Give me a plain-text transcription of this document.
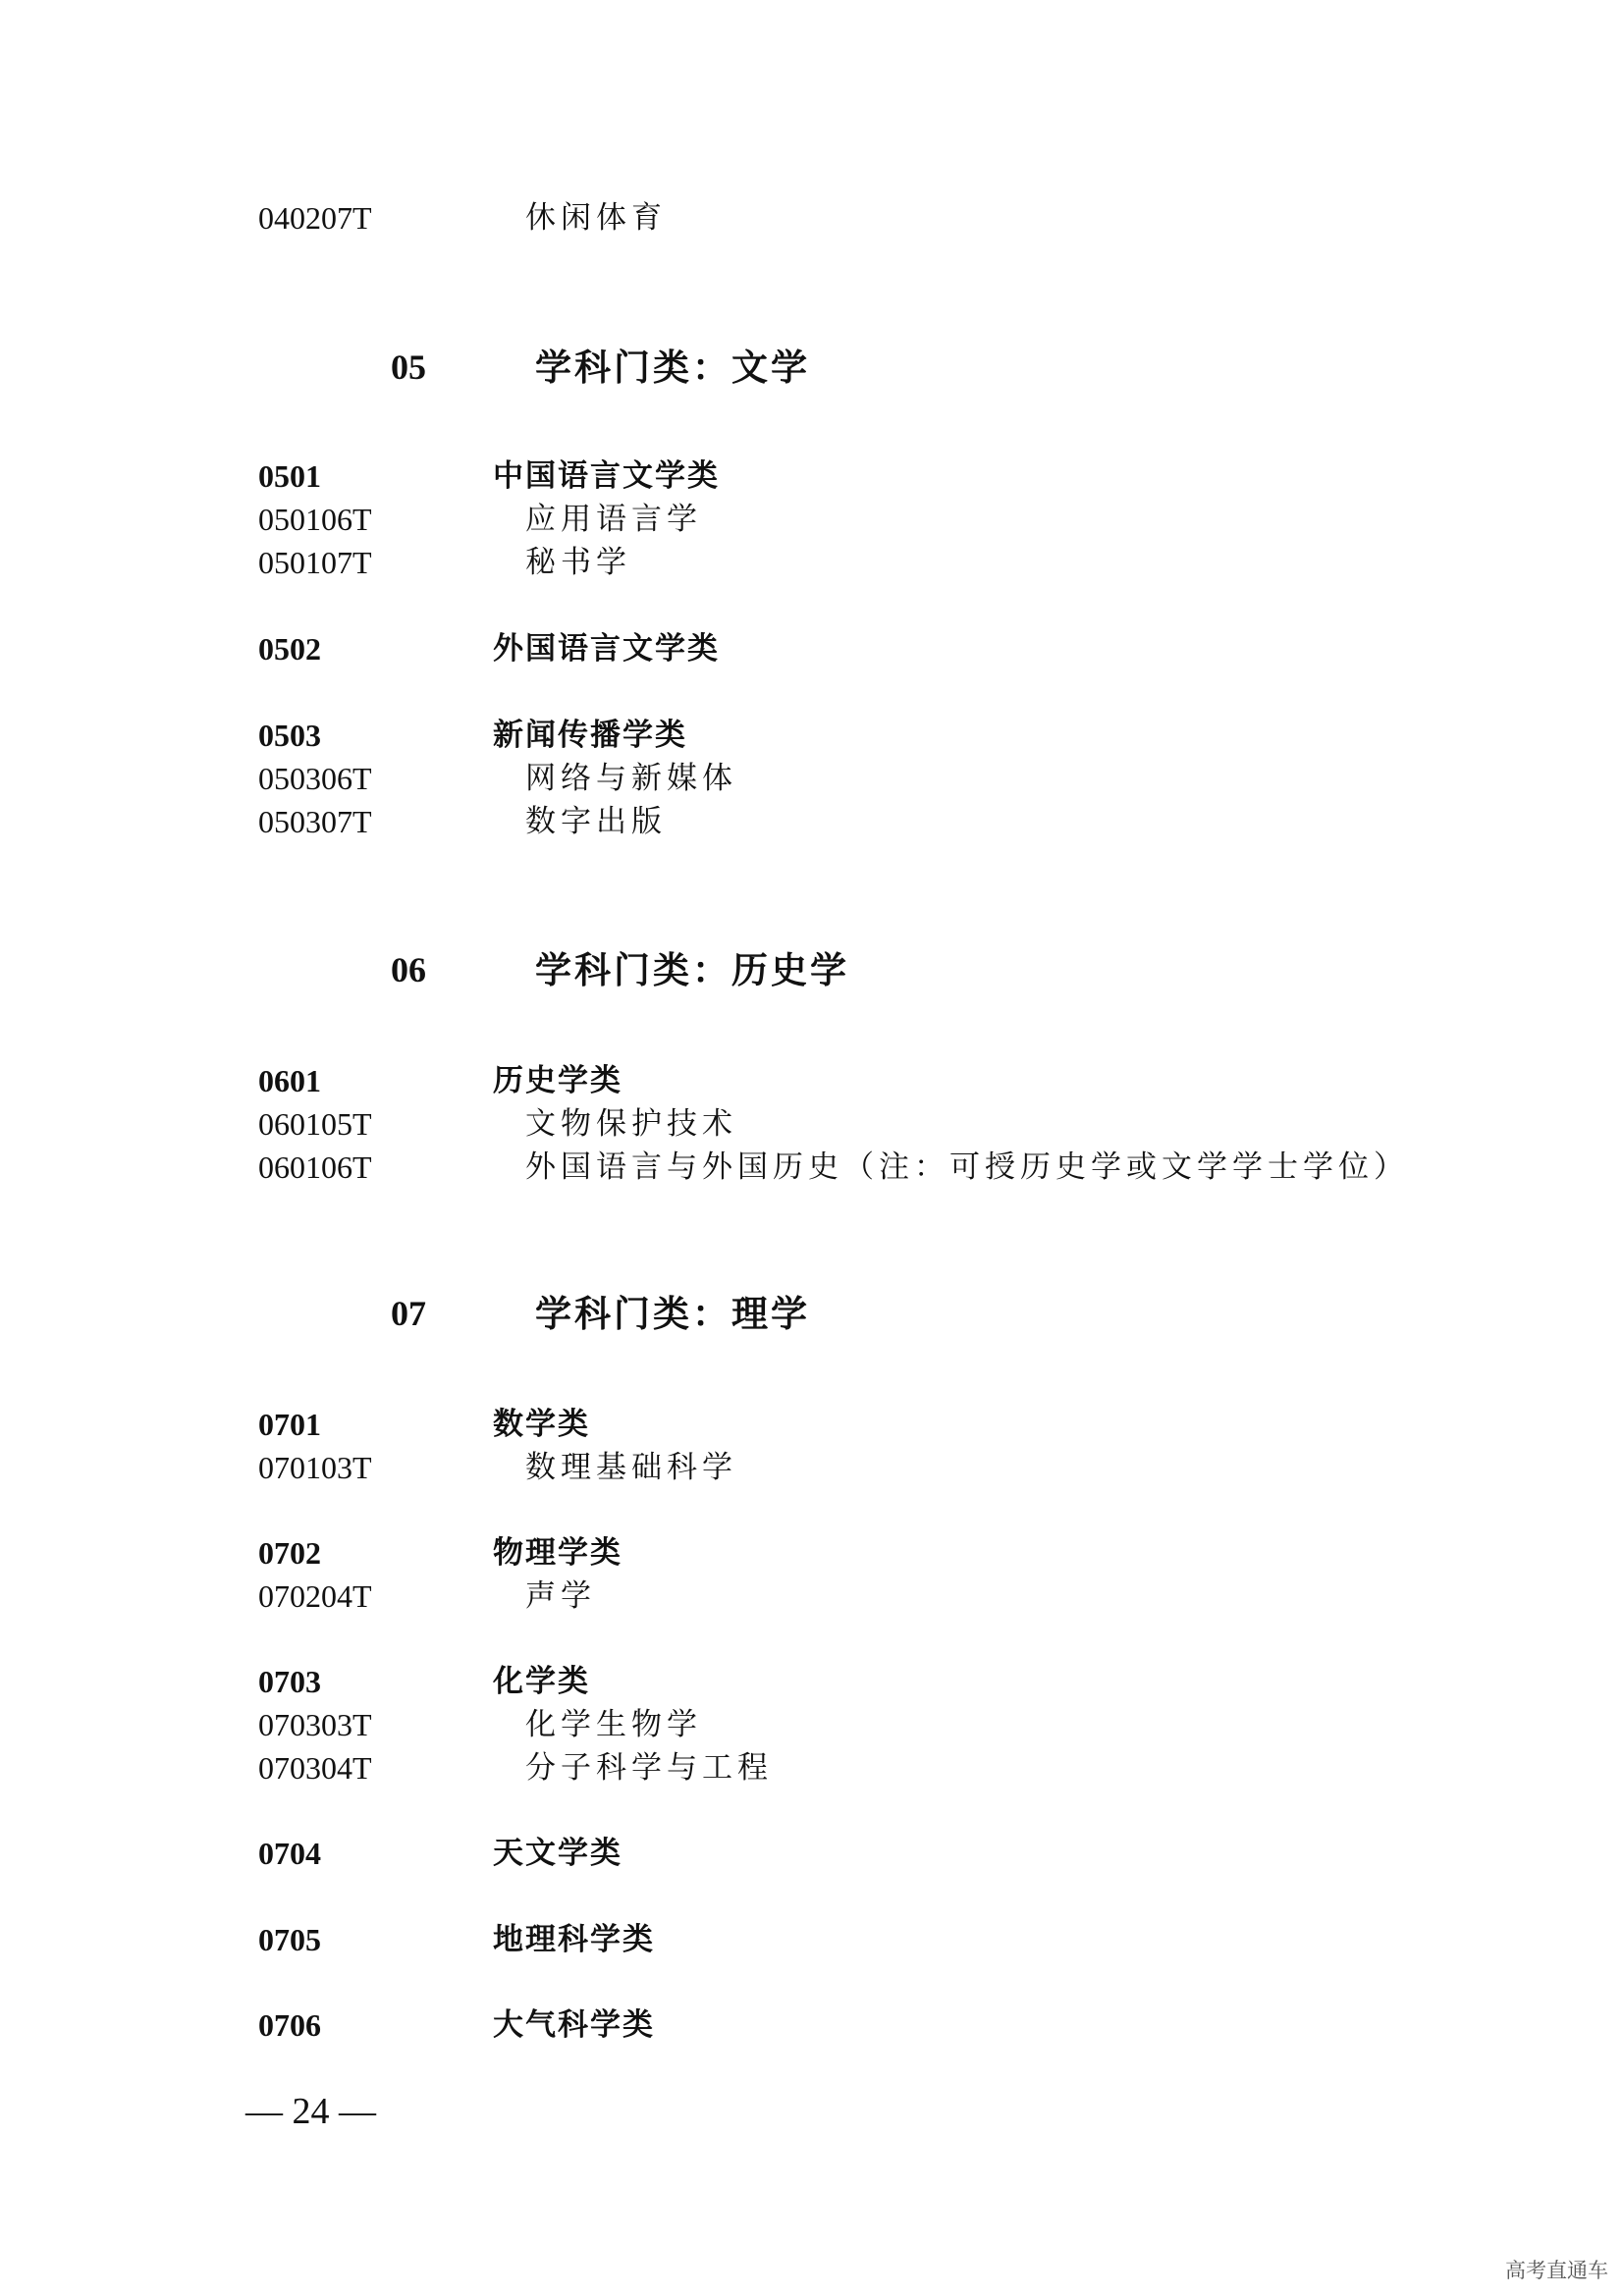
040207T	休闲体育
05	学科门类：文学
0501	中国语言文学类
050106T	应用语言学
050107T	秘书学
0502	外国语言文学类
0503	新闻传播学类
050306T	网络与新媒体
050307T	数字出版
06	学科门类：历史学
0601	历史学类
060105T	文物保护技术
060106T	外国语言与外国历史（注：可授历史学或文学学士学位）
07	学科门类：理学
0701	数学类
070103T	数理基础科学
0702	物理学类
070204T	声学
0703	化学类
070303T	化学生物学
070304T	分子科学与工程
0704	天文学类
0705	地理科学类
0706	大气科学类
— 24 —
高考直通车
